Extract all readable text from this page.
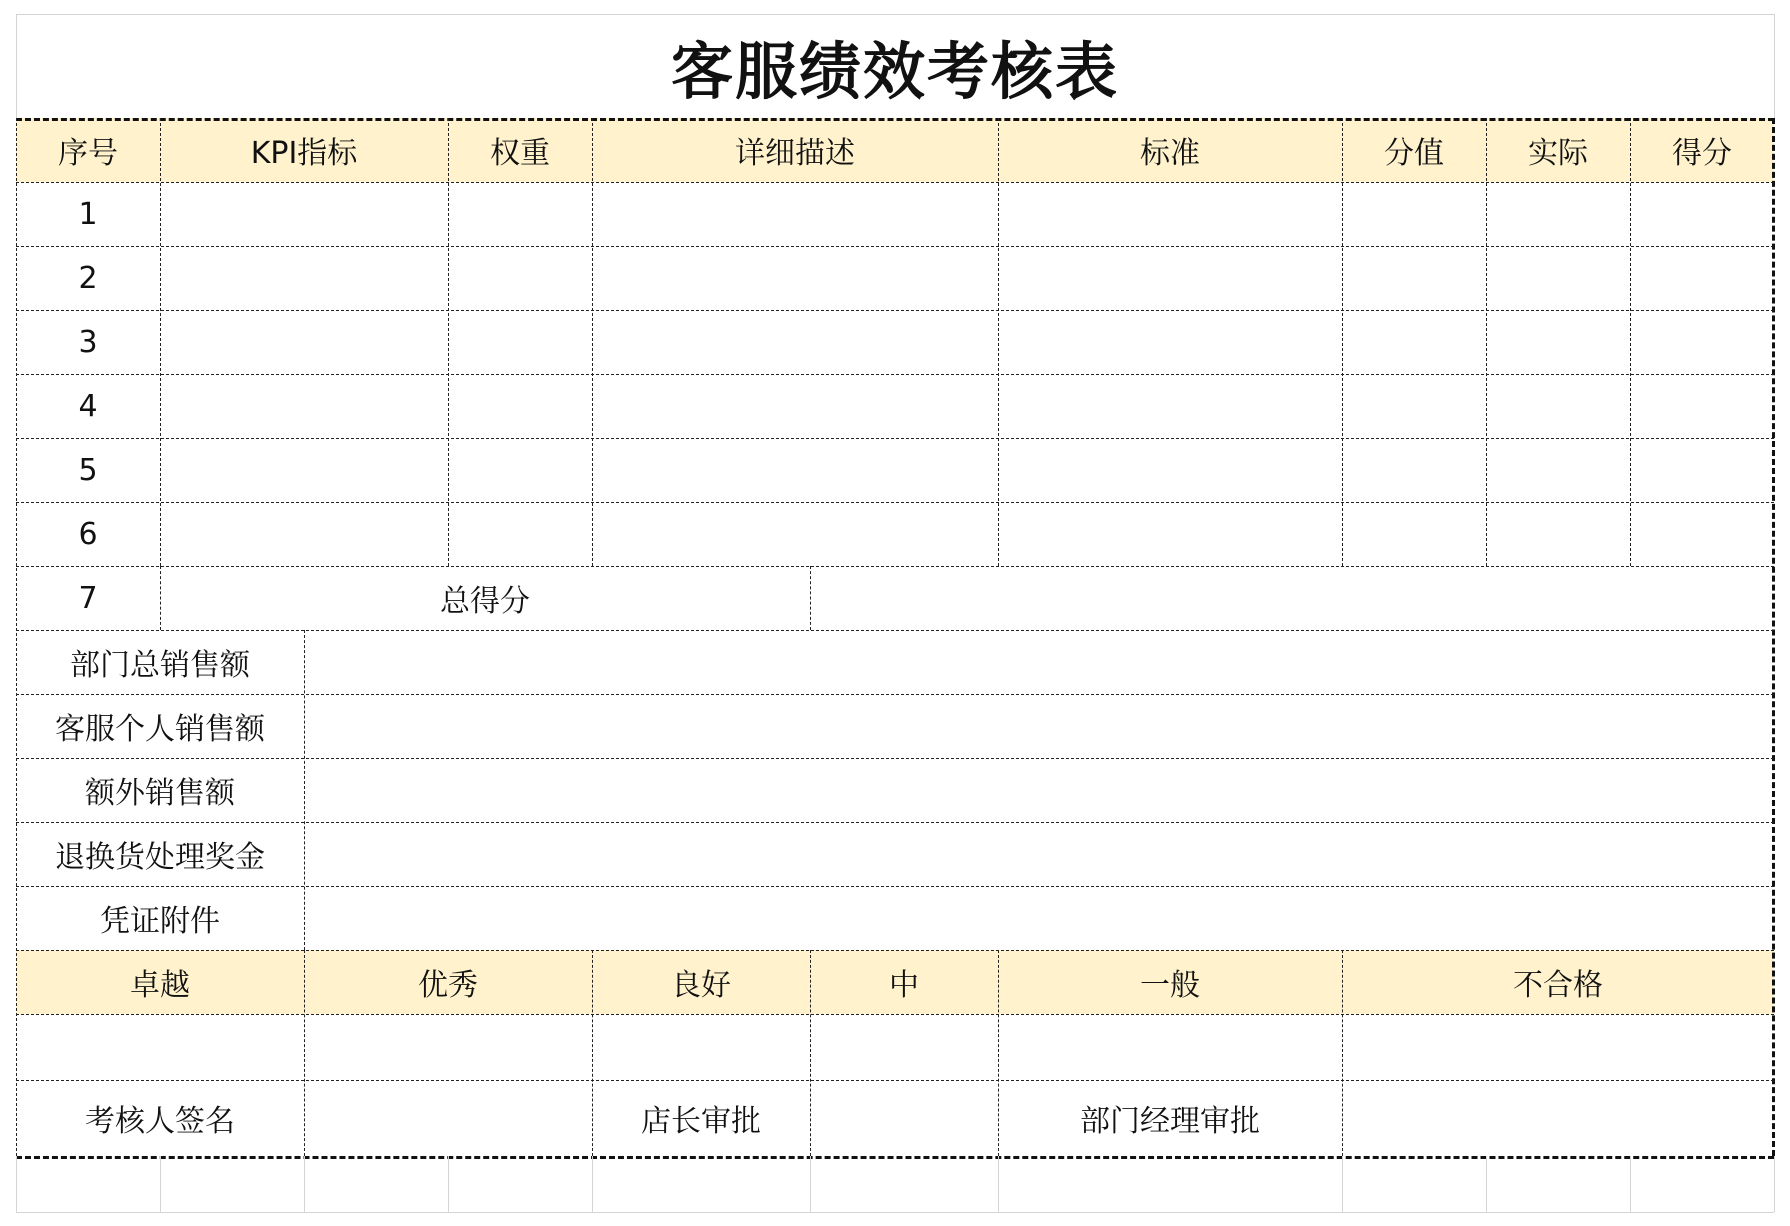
客服绩效考核表
序号	KPI指标	权重	详细描述	标准	分值	实际	得分
1
2
3
4
5
6
7	总得分
部门总销售额
客服个人销售额
额外销售额
退换货处理奖金
凭证附件
卓越	优秀	良好	中	一般	不合格
考核人签名	店长审批	部门经理审批
